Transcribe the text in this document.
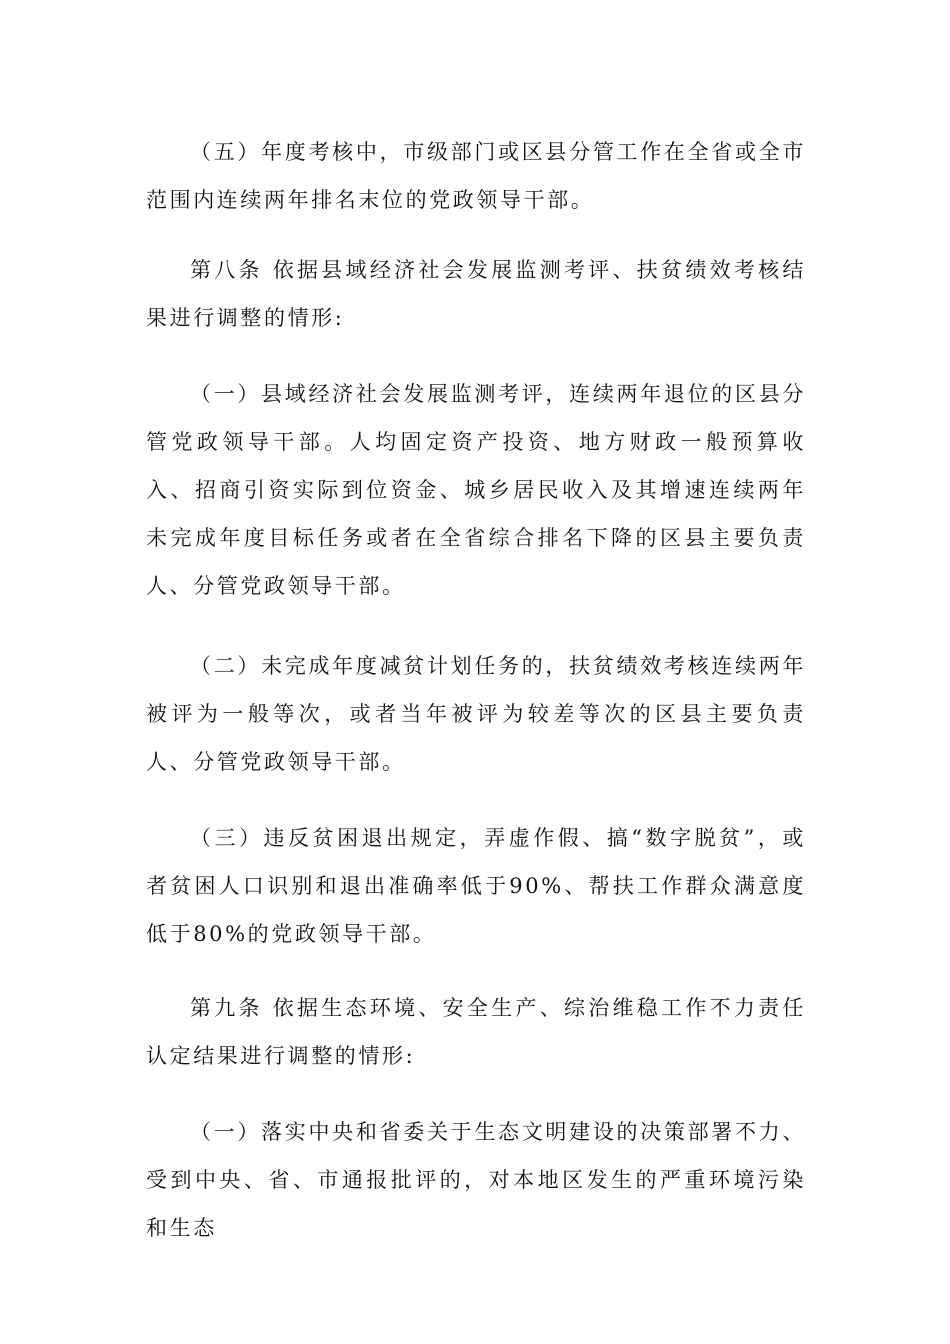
（五）年度考核中，市级部门或区县分管工作在全省或全市范围内连续两年排名末位的党政领导干部。

第八条 依据县域经济社会发展监测考评、扶贫绩效考核结果进行调整的情形:

（一）县域经济社会发展监测考评，连续两年退位的区县分管党政领导干部。人均固定资产投资、地方财政一般预算收入、招商引资实际到位资金、城乡居民收入及其增速连续两年未完成年度目标任务或者在全省综合排名下降的区县主要负责人、分管党政领导干部。

（二）未完成年度减贫计划任务的，扶贫绩效考核连续两年被评为一般等次，或者当年被评为较差等次的区县主要负责人、分管党政领导干部。

（三）违反贫困退出规定，弄虚作假、搞“数字脱贫”，或者贫困人口识别和退出准确率低于90%、帮扶工作群众满意度低于80%的党政领导干部。

第九条 依据生态环境、安全生产、综治维稳工作不力责任认定结果进行调整的情形:

（一）落实中央和省委关于生态文明建设的决策部署不力、受到中央、省、市通报批评的，对本地区发生的严重环境污染和生态
